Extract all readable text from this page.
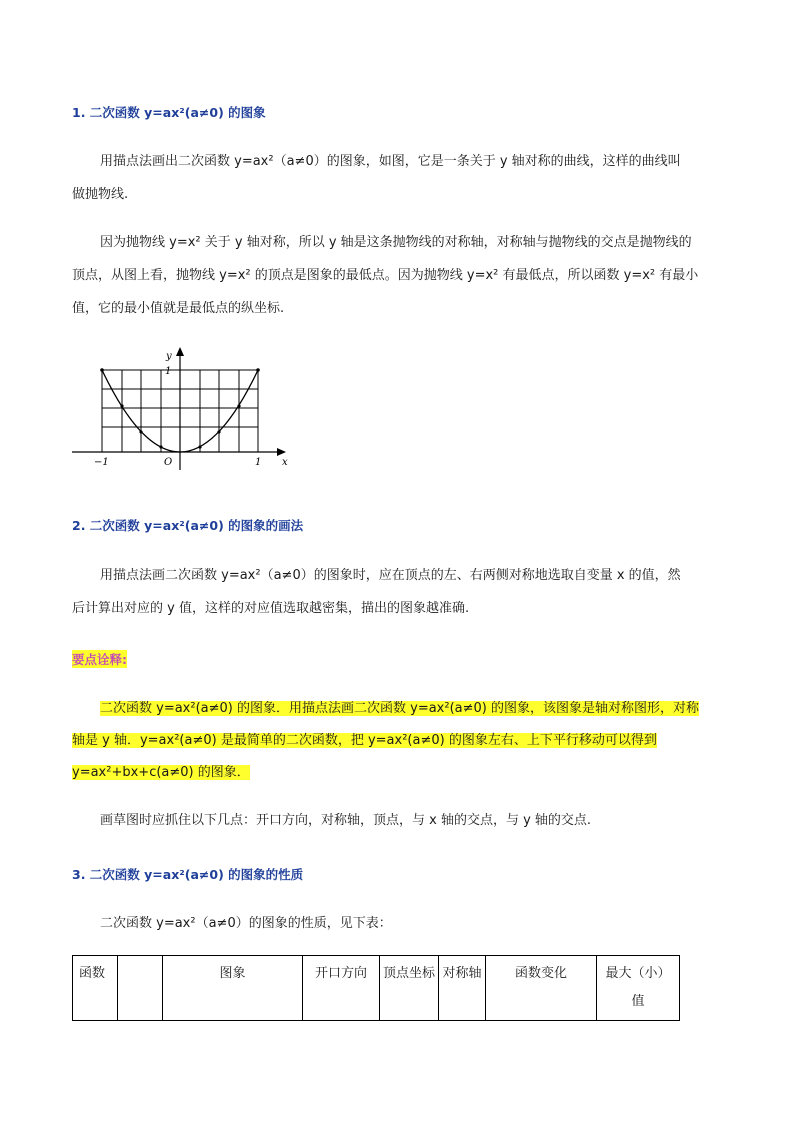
1. 二次函数 y=ax²(a≠0) 的图象
用描点法画出二次函数 y=ax²（a≠0）的图象，如图，它是一条关于 y 轴对称的曲线，这样的曲线叫
做抛物线.
因为抛物线 y=x² 关于 y 轴对称，所以 y 轴是这条抛物线的对称轴，对称轴与抛物线的交点是抛物线的
顶点，从图上看，抛物线 y=x² 的顶点是图象的最低点。因为抛物线 y=x² 有最低点，所以函数 y=x² 有最小
值，它的最小值就是最低点的纵坐标.
y
x
O
−1	1
1
2. 二次函数 y=ax²(a≠0) 的图象的画法
用描点法画二次函数 y=ax²（a≠0）的图象时，应在顶点的左、右两侧对称地选取自变量 x 的值，然
后计算出对应的 y 值，这样的对应值选取越密集，描出的图象越准确.
要点诠释:
二次函数 y=ax²(a≠0) 的图象．用描点法画二次函数 y=ax²(a≠0) 的图象，该图象是轴对称图形，对称
轴是 y 轴．y=ax²(a≠0) 是最简单的二次函数，把 y=ax²(a≠0) 的图象左右、上下平行移动可以得到
y=ax²+bx+c(a≠0) 的图象．
画草图时应抓住以下几点：开口方向，对称轴，顶点，与 x 轴的交点，与 y 轴的交点.
3. 二次函数 y=ax²(a≠0) 的图象的性质
二次函数 y=ax²（a≠0）的图象的性质，见下表：
函数		图象	开口方向	顶点坐标	对称轴	函数变化	最大（小）值
